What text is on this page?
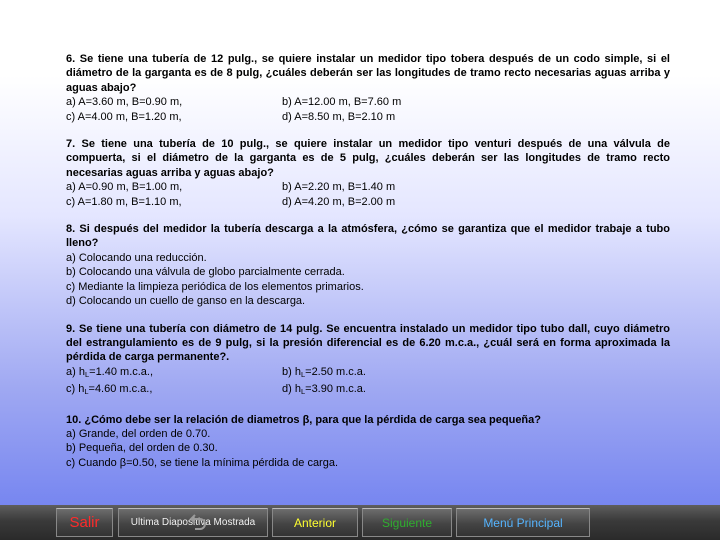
6. Se tiene una tubería de 12 pulg., se quiere instalar un medidor tipo tobera después de un codo simple, si el diámetro de la garganta es de 8 pulg, ¿cuáles deberán ser las longitudes de tramo recto necesarias aguas arriba y aguas abajo?
a) A=3.60 m, B=0.90 m,	b) A=12.00 m, B=7.60 m
c) A=4.00 m, B=1.20 m,	d) A=8.50 m, B=2.10 m
7. Se tiene una tubería de 10 pulg., se quiere instalar un medidor tipo venturi después de una válvula de compuerta, si el diámetro de la garganta es de 5 pulg, ¿cuáles deberán ser las longitudes de tramo recto necesarias aguas arriba y aguas abajo?
a) A=0.90 m, B=1.00 m,	b) A=2.20 m, B=1.40 m
c) A=1.80 m, B=1.10 m,	d) A=4.20 m, B=2.00 m
8. Si después del medidor la tubería descarga a la atmósfera, ¿cómo se garantiza que el medidor trabaje a tubo lleno?
a) Colocando una reducción.
b) Colocando una válvula de globo parcialmente cerrada.
c) Mediante la limpieza periódica de los elementos primarios.
d) Colocando un cuello de ganso en la descarga.
9. Se tiene una tubería con diámetro de 14 pulg. Se encuentra instalado un medidor tipo tubo dall, cuyo diámetro del estrangulamiento es de 9 pulg, si la presión diferencial es de 6.20 m.c.a., ¿cuál será en forma aproximada la pérdida de carga permanente?.
a) hL=1.40 m.c.a.,	b) hL=2.50 m.c.a.
c) hL=4.60 m.c.a.,	d) hL=3.90 m.c.a.
10. ¿Cómo debe ser la relación de diametros β, para que la pérdida de carga sea pequeña?
a) Grande, del orden de 0.70.
b) Pequeña, del orden de 0.30.
c) Cuando β=0.50, se tiene la mínima pérdida de carga.
Salir	Ultima Diapositiva Mostrada	Anterior	Siguiente	Menú Principal
